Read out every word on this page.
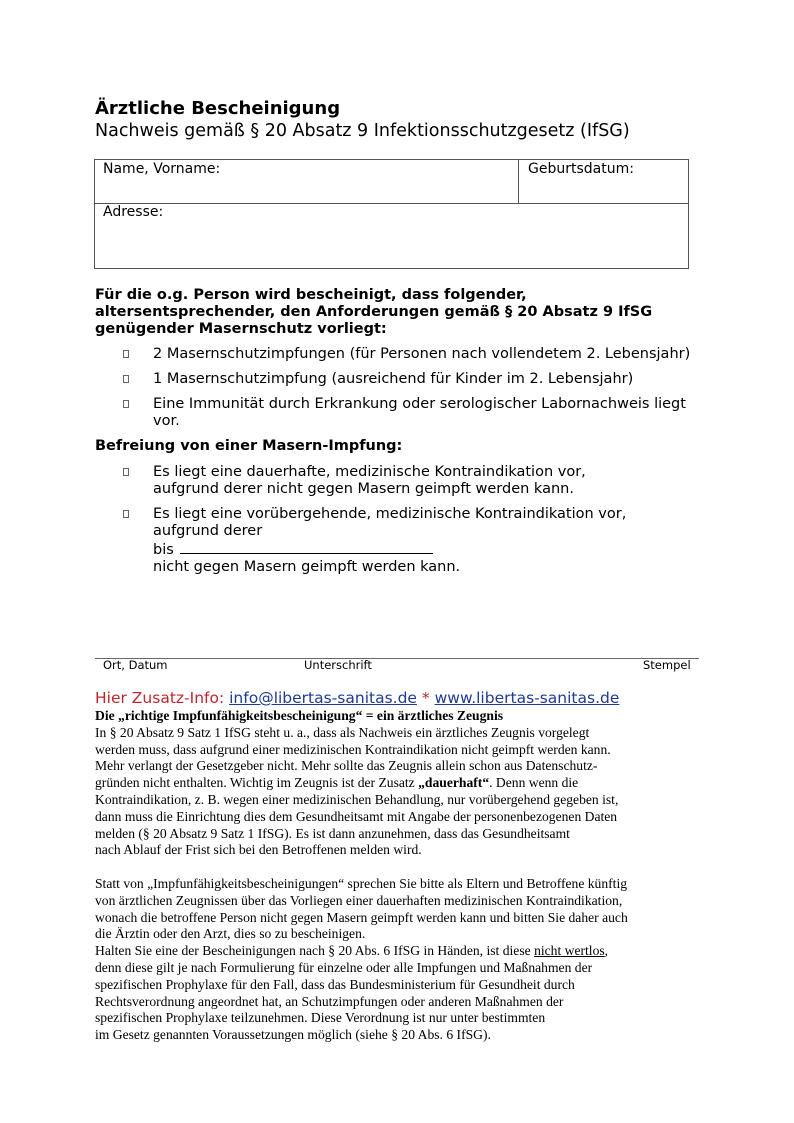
Ärztliche Bescheinigung
Nachweis gemäß § 20 Absatz 9 Infektionsschutzgesetz (IfSG)
Name, Vorname:	Geburtsdatum:
Adresse:
Für die o.g. Person wird bescheinigt, dass folgender,
altersentsprechender, den Anforderungen gemäß § 20 Absatz 9 IfSG
genügender Masernschutz vorliegt:
2 Masernschutzimpfungen (für Personen nach vollendetem 2. Lebensjahr)
1 Masernschutzimpfung (ausreichend für Kinder im 2. Lebensjahr)
Eine Immunität durch Erkrankung oder serologischer Labornachweis liegt
vor.
Befreiung von einer Masern-Impfung:
Es liegt eine dauerhafte, medizinische Kontraindikation vor,
aufgrund derer nicht gegen Masern geimpft werden kann.
Es liegt eine vorübergehende, medizinische Kontraindikation vor,
aufgrund derer
bis
nicht gegen Masern geimpft werden kann.
Ort, Datum	Unterschrift	Stempel
Hier Zusatz-Info: info@libertas-sanitas.de * www.libertas-sanitas.de

Die „richtige Impfunfähigkeitsbescheinigung“ = ein ärztliches Zeugnis

In § 20 Absatz 9 Satz 1 IfSG steht u. a., dass als Nachweis ein ärztliches Zeugnis vorgelegt

werden muss, dass aufgrund einer medizinischen Kontraindikation nicht geimpft werden kann.

Mehr verlangt der Gesetzgeber nicht. Mehr sollte das Zeugnis allein schon aus Datenschutz-

gründen nicht enthalten. Wichtig im Zeugnis ist der Zusatz „dauerhaft“. Denn wenn die

Kontraindikation, z. B. wegen einer medizinischen Behandlung, nur vorübergehend gegeben ist,

dann muss die Einrichtung dies dem Gesundheitsamt mit Angabe der personenbezogenen Daten

melden (§ 20 Absatz 9 Satz 1 IfSG). Es ist dann anzunehmen, dass das Gesundheitsamt

nach Ablauf der Frist sich bei den Betroffenen melden wird.

Statt von „Impfunfähigkeitsbescheinigungen“ sprechen Sie bitte als Eltern und Betroffene künftig

von ärztlichen Zeugnissen über das Vorliegen einer dauerhaften medizinischen Kontraindikation,

wonach die betroffene Person nicht gegen Masern geimpft werden kann und bitten Sie daher auch

die Ärztin oder den Arzt, dies so zu bescheinigen.

Halten Sie eine der Bescheinigungen nach § 20 Abs. 6 IfSG in Händen, ist diese nicht wertlos,

denn diese gilt je nach Formulierung für einzelne oder alle Impfungen und Maßnahmen der

spezifischen Prophylaxe für den Fall, dass das Bundesministerium für Gesundheit durch

Rechtsverordnung angeordnet hat, an Schutzimpfungen oder anderen Maßnahmen der

spezifischen Prophylaxe teilzunehmen. Diese Verordnung ist nur unter bestimmten

im Gesetz genannten Voraussetzungen möglich (siehe § 20 Abs. 6 IfSG).
